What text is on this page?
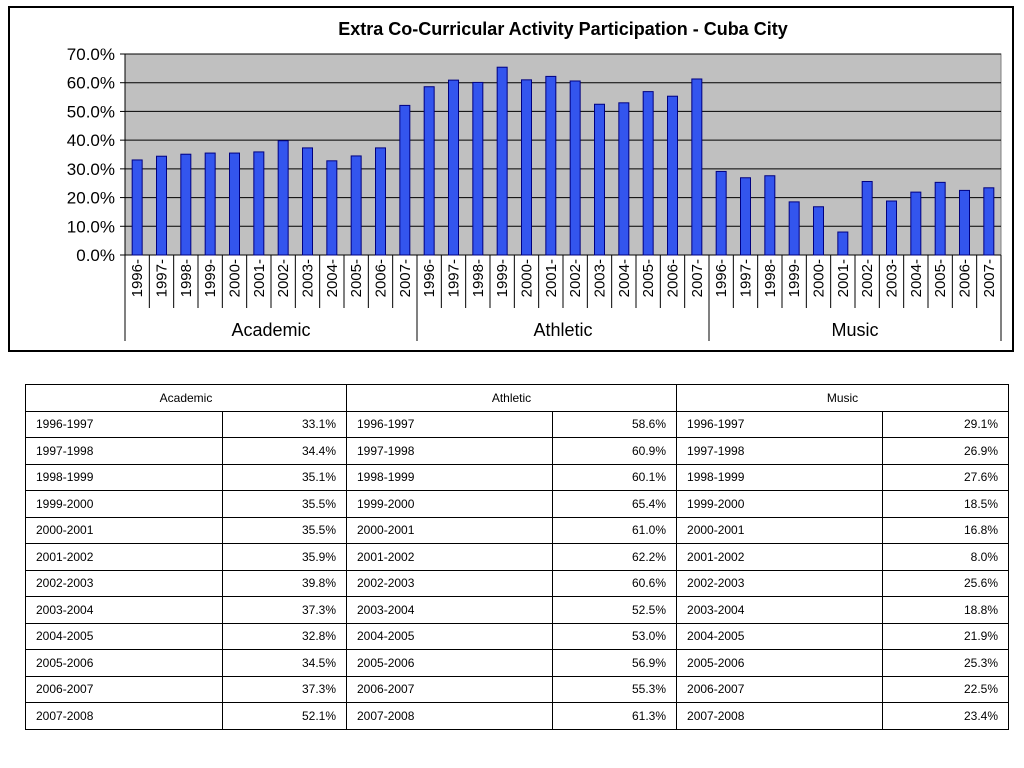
Extra Co-Curricular Activity Participation - Cuba City
0.0%
10.0%
20.0%
30.0%
40.0%
50.0%
60.0%
70.0%
1996- 1997- 1998- 1999- 2000- 2001- 2002- 2003- 2004- 2005- 2006- 2007-
Academic
1996- 1997- 1998- 1999- 2000- 2001- 2002- 2003- 2004- 2005- 2006- 2007-
Athletic
1996- 1997- 1998- 1999- 2000- 2001- 2002- 2003- 2004- 2005- 2006- 2007-
Music
Academic		Athletic		Music	
1996-1997	33.1%	1996-1997	58.6%	1996-1997	29.1%
1997-1998	34.4%	1997-1998	60.9%	1997-1998	26.9%
1998-1999	35.1%	1998-1999	60.1%	1998-1999	27.6%
1999-2000	35.5%	1999-2000	65.4%	1999-2000	18.5%
2000-2001	35.5%	2000-2001	61.0%	2000-2001	16.8%
2001-2002	35.9%	2001-2002	62.2%	2001-2002	8.0%
2002-2003	39.8%	2002-2003	60.6%	2002-2003	25.6%
2003-2004	37.3%	2003-2004	52.5%	2003-2004	18.8%
2004-2005	32.8%	2004-2005	53.0%	2004-2005	21.9%
2005-2006	34.5%	2005-2006	56.9%	2005-2006	25.3%
2006-2007	37.3%	2006-2007	55.3%	2006-2007	22.5%
2007-2008	52.1%	2007-2008	61.3%	2007-2008	23.4%
